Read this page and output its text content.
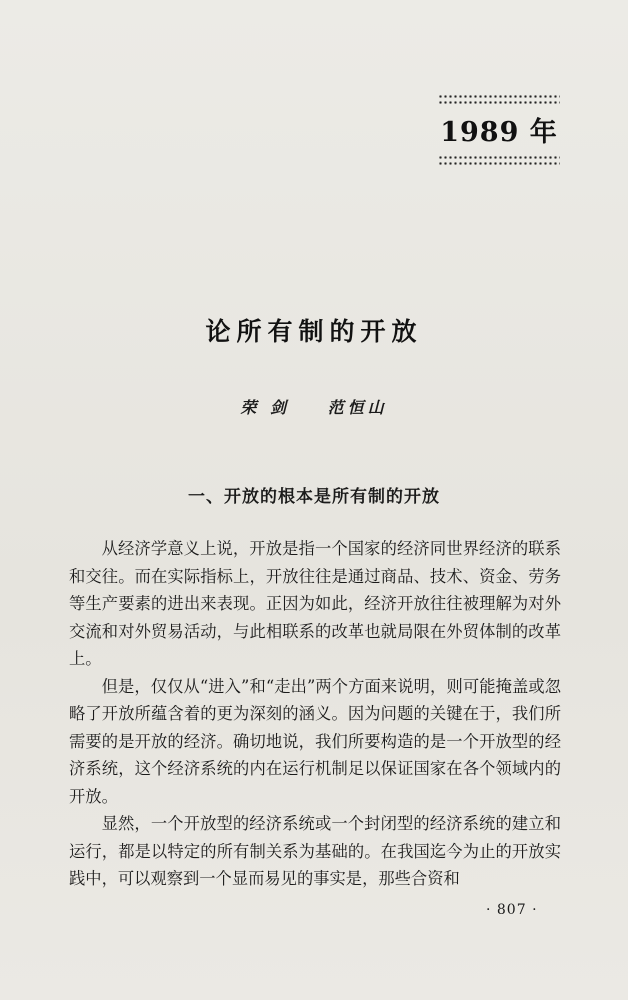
1989 年
论所有制的开放
荣 剑 范恒山
一、开放的根本是所有制的开放

从经济学意义上说，开放是指一个国家的经济同世界经济的联系和交往。而在实际指标上，开放往往是通过商品、技术、资金、劳务等生产要素的进出来表现。正因为如此，经济开放往往被理解为对外交流和对外贸易活动，与此相联系的改革也就局限在外贸体制的改革上。

但是，仅仅从“进入”和“走出”两个方面来说明，则可能掩盖或忽略了开放所蕴含着的更为深刻的涵义。因为问题的关键在于，我们所需要的是开放的经济。确切地说，我们所要构造的是一个开放型的经济系统，这个经济系统的内在运行机制足以保证国家在各个领域内的开放。

显然，一个开放型的经济系统或一个封闭型的经济系统的建立和运行，都是以特定的所有制关系为基础的。在我国迄今为止的开放实践中，可以观察到一个显而易见的事实是，那些合资和

· 807 ·
